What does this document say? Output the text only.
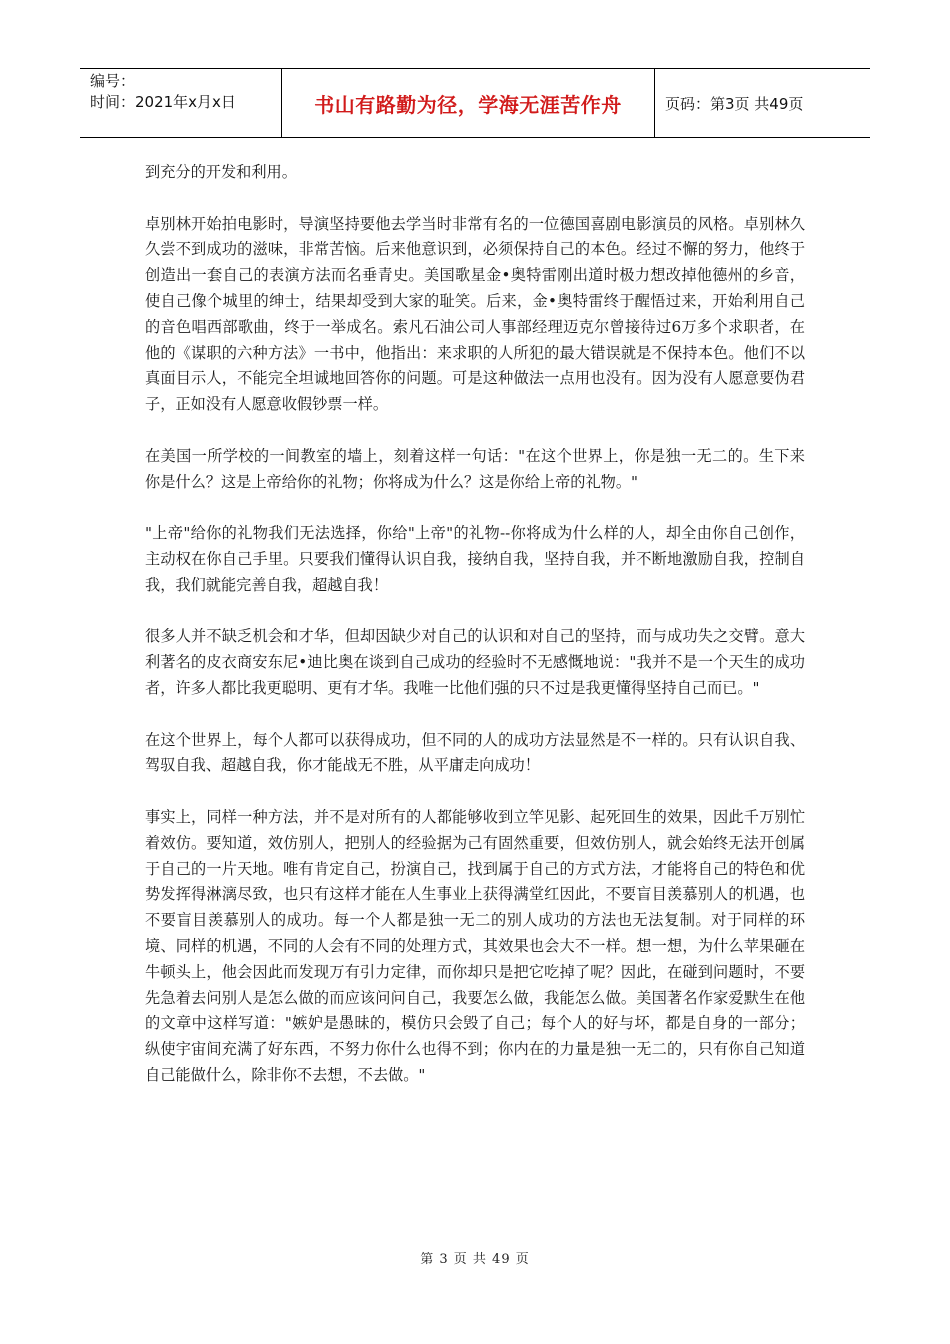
编号：
时间：2021年x月x日	书山有路勤为径，学海无涯苦作舟	页码：第3页 共49页

到充分的开发和利用。

卓别林开始拍电影时，导演坚持要他去学当时非常有名的一位德国喜剧电影演员的风格。卓别林久久尝不到成功的滋味，非常苦恼。后来他意识到，必须保持自己的本色。经过不懈的努力，他终于创造出一套自己的表演方法而名垂青史。美国歌星金•奥特雷刚出道时极力想改掉他德州的乡音，使自己像个城里的绅士，结果却受到大家的耻笑。后来，金•奥特雷终于醒悟过来，开始利用自己的音色唱西部歌曲，终于一举成名。索凡石油公司人事部经理迈克尔曾接待过6万多个求职者，在他的《谋职的六种方法》一书中，他指出：来求职的人所犯的最大错误就是不保持本色。他们不以真面目示人，不能完全坦诚地回答你的问题。可是这种做法一点用也没有。因为没有人愿意要伪君子，正如没有人愿意收假钞票一样。

在美国一所学校的一间教室的墙上，刻着这样一句话："在这个世界上，你是独一无二的。生下来你是什么？这是上帝给你的礼物；你将成为什么？这是你给上帝的礼物。"

"上帝"给你的礼物我们无法选择，你给"上帝"的礼物--你将成为什么样的人，却全由你自己创作，主动权在你自己手里。只要我们懂得认识自我，接纳自我，坚持自我，并不断地激励自我，控制自我，我们就能完善自我，超越自我！

很多人并不缺乏机会和才华，但却因缺少对自己的认识和对自己的坚持，而与成功失之交臂。意大利著名的皮衣商安东尼•迪比奥在谈到自己成功的经验时不无感慨地说："我并不是一个天生的成功者，许多人都比我更聪明、更有才华。我唯一比他们强的只不过是我更懂得坚持自己而已。"

在这个世界上，每个人都可以获得成功，但不同的人的成功方法显然是不一样的。只有认识自我、驾驭自我、超越自我，你才能战无不胜，从平庸走向成功！

事实上，同样一种方法，并不是对所有的人都能够收到立竿见影、起死回生的效果，因此千万别忙着效仿。要知道，效仿别人，把别人的经验据为己有固然重要，但效仿别人，就会始终无法开创属于自己的一片天地。唯有肯定自己，扮演自己，找到属于自己的方式方法，才能将自己的特色和优势发挥得淋漓尽致，也只有这样才能在人生事业上获得满堂红因此，不要盲目羡慕别人的机遇，也不要盲目羡慕别人的成功。每一个人都是独一无二的别人成功的方法也无法复制。对于同样的环境、同样的机遇，不同的人会有不同的处理方式，其效果也会大不一样。想一想，为什么苹果砸在牛顿头上，他会因此而发现万有引力定律，而你却只是把它吃掉了呢？因此，在碰到问题时，不要先急着去问别人是怎么做的而应该问问自己，我要怎么做，我能怎么做。美国著名作家爱默生在他的文章中这样写道："嫉妒是愚昧的，模仿只会毁了自己；每个人的好与坏，都是自身的一部分；纵使宇宙间充满了好东西，不努力你什么也得不到；你内在的力量是独一无二的，只有你自己知道自己能做什么，除非你不去想，不去做。"

第 3 页 共 49 页
